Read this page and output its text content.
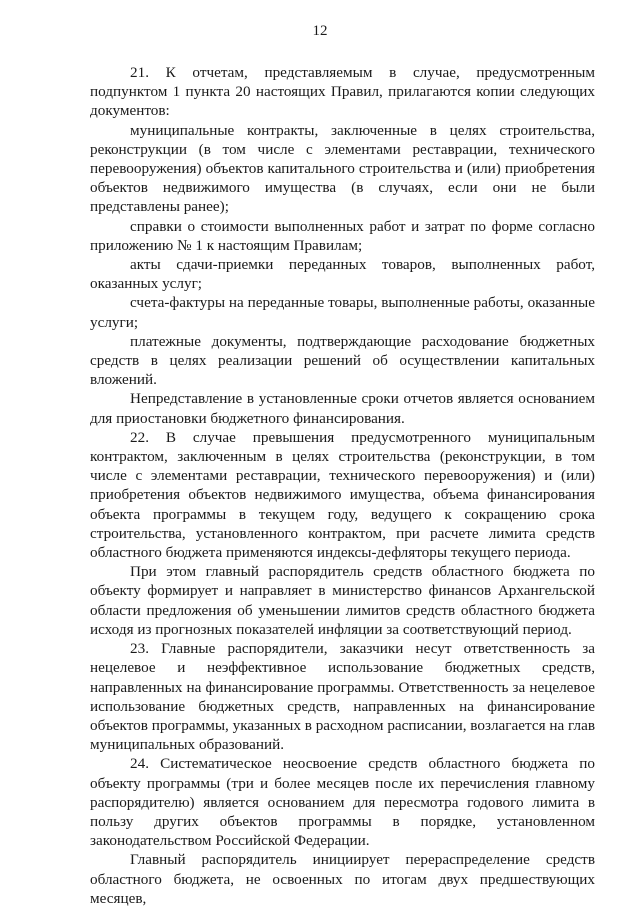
12

21. К отчетам, представляемым в случае, предусмотренным подпунктом 1 пункта 20 настоящих Правил, прилагаются копии следующих документов:

муниципальные контракты, заключенные в целях строительства, реконструкции (в том числе с элементами реставрации, технического перевооружения) объектов капитального строительства и (или) приобретения объектов недвижимого имущества (в случаях, если они не были представлены ранее);

справки о стоимости выполненных работ и затрат по форме согласно приложению № 1 к настоящим Правилам;

акты сдачи-приемки переданных товаров, выполненных работ, оказанных услуг;

счета-фактуры на переданные товары, выполненные работы, оказанные услуги;

платежные документы, подтверждающие расходование бюджетных средств в целях реализации решений об осуществлении капитальных вложений.

Непредставление в установленные сроки отчетов является основанием для приостановки бюджетного финансирования.

22. В случае превышения предусмотренного муниципальным контрактом, заключенным в целях строительства (реконструкции, в том числе с элементами реставрации, технического перевооружения) и (или) приобретения объектов недвижимого имущества, объема финансирования объекта программы в текущем году, ведущего к сокращению срока строительства, установленного контрактом, при расчете лимита средств областного бюджета применяются индексы-дефляторы текущего периода.

При этом главный распорядитель средств областного бюджета по объекту формирует и направляет в министерство финансов Архангельской области предложения об уменьшении лимитов средств областного бюджета исходя из прогнозных показателей инфляции за соответствующий период.

23. Главные распорядители, заказчики несут ответственность за нецелевое и неэффективное использование бюджетных средств, направленных на финансирование программы. Ответственность за нецелевое использование бюджетных средств, направленных на финансирование объектов программы, указанных в расходном расписании, возлагается на глав муниципальных образований.

24. Систематическое неосвоение средств областного бюджета по объекту программы (три и более месяцев после их перечисления главному распорядителю) является основанием для пересмотра годового лимита в пользу других объектов программы в порядке, установленном законодательством Российской Федерации.

Главный распорядитель инициирует перераспределение средств областного бюджета, не освоенных по итогам двух предшествующих месяцев,
